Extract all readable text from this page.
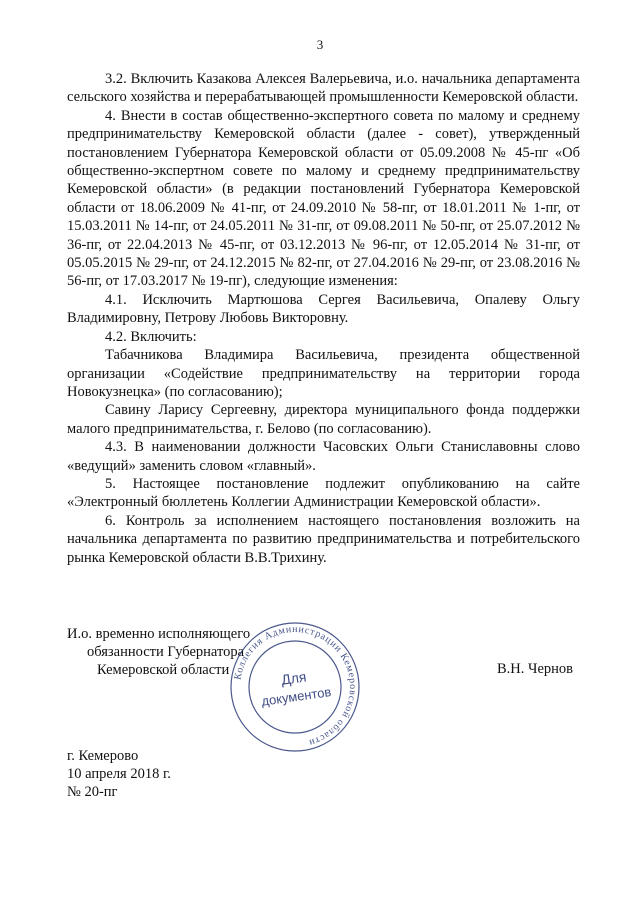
3

3.2. Включить Казакова Алексея Валерьевича, и.о. начальника департамента сельского хозяйства и перерабатывающей промышленности Кемеровской области.

4. Внести в состав общественно-экспертного совета по малому и среднему предпринимательству Кемеровской области (далее - совет), утвержденный постановлением Губернатора Кемеровской области от 05.09.2008 № 45-пг «Об общественно-экспертном совете по малому и среднему предпринимательству Кемеровской области» (в редакции постановлений Губернатора Кемеровской области от 18.06.2009 № 41-пг, от 24.09.2010 № 58-пг, от 18.01.2011 № 1-пг, от 15.03.2011 № 14-пг, от 24.05.2011 № 31-пг, от 09.08.2011 № 50-пг, от 25.07.2012 № 36-пг, от 22.04.2013 № 45-пг, от 03.12.2013 № 96-пг, от 12.05.2014 № 31-пг, от 05.05.2015 № 29-пг, от 24.12.2015 № 82-пг, от 27.04.2016 № 29-пг, от 23.08.2016 № 56-пг, от 17.03.2017 № 19-пг), следующие изменения:

4.1. Исключить Мартюшова Сергея Васильевича, Опалеву Ольгу Владимировну, Петрову Любовь Викторовну.

4.2. Включить:

Табачникова Владимира Васильевича, президента общественной организации «Содействие предпринимательству на территории города Новокузнецка» (по согласованию);

Савину Ларису Сергеевну, директора муниципального фонда поддержки малого предпринимательства, г. Белово (по согласованию).

4.3. В наименовании должности Часовских Ольги Станиславовны слово «ведущий» заменить словом «главный».

5. Настоящее постановление подлежит опубликованию на сайте «Электронный бюллетень Коллегии Администрации Кемеровской области».

6. Контроль за исполнением настоящего постановления возложить на начальника департамента по развитию предпринимательства и потребительского рынка Кемеровской области В.В.Трихину.

И.о. временно исполняющего
обязанности Губернатора
Кемеровской области Коллегия Администрации Кемеровской области
Для
документов
В.Н. Чернов
г. Кемерово
10 апреля 2018 г.
№ 20-пг
